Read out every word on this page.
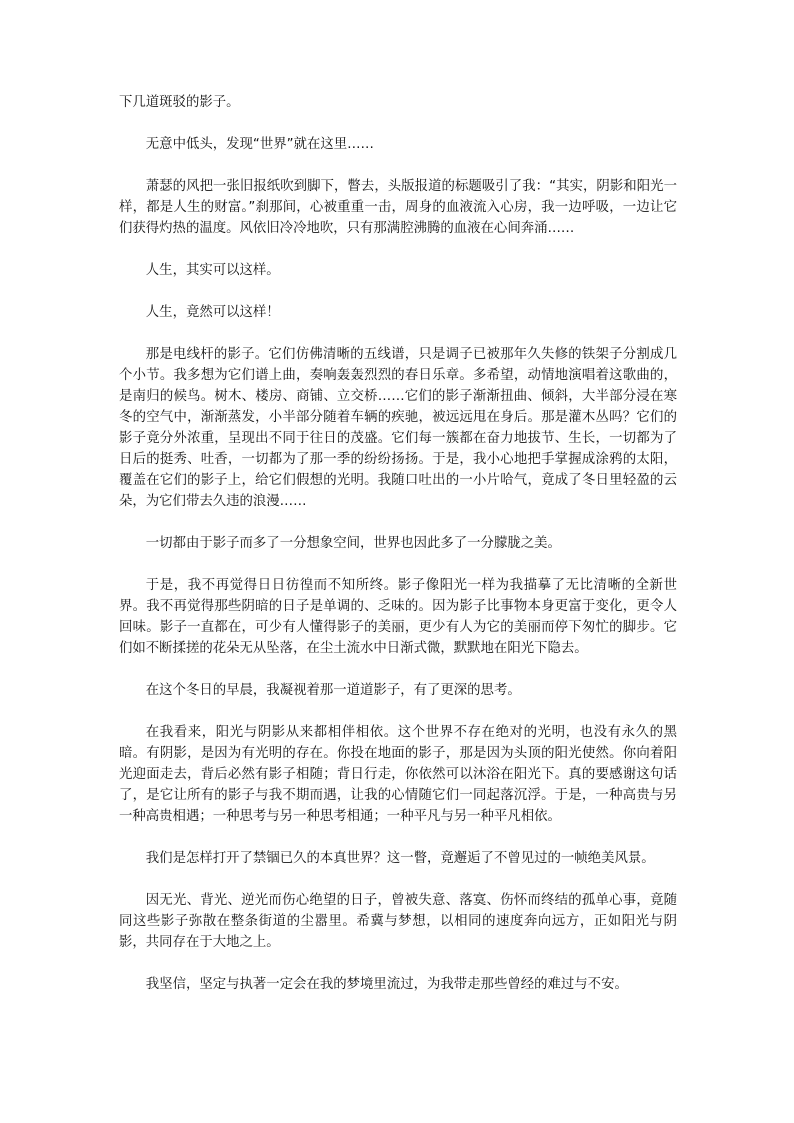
下几道斑驳的影子。

无意中低头，发现“世界”就在这里……

萧瑟的风把一张旧报纸吹到脚下，瞥去，头版报道的标题吸引了我：“其实，阴影和阳光一样，都是人生的财富。”刹那间，心被重重一击，周身的血液流入心房，我一边呼吸，一边让它们获得灼热的温度。风依旧冷冷地吹，只有那满腔沸腾的血液在心间奔涌……

人生，其实可以这样。

人生，竟然可以这样！

那是电线杆的影子。它们仿佛清晰的五线谱，只是调子已被那年久失修的铁架子分割成几个小节。我多想为它们谱上曲，奏响轰轰烈烈的春日乐章。多希望，动情地演唱着这歌曲的，是南归的候鸟。树木、楼房、商铺、立交桥……它们的影子渐渐扭曲、倾斜，大半部分浸在寒冬的空气中，渐渐蒸发，小半部分随着车辆的疾驰，被远远甩在身后。那是灌木丛吗？它们的影子竟分外浓重，呈现出不同于往日的茂盛。它们每一簇都在奋力地拔节、生长，一切都为了日后的挺秀、吐香，一切都为了那一季的纷纷扬扬。于是，我小心地把手掌握成涂鸦的太阳，覆盖在它们的影子上，给它们假想的光明。我随口吐出的一小片哈气，竟成了冬日里轻盈的云朵，为它们带去久违的浪漫……

一切都由于影子而多了一分想象空间，世界也因此多了一分朦胧之美。

于是，我不再觉得日日彷徨而不知所终。影子像阳光一样为我描摹了无比清晰的全新世界。我不再觉得那些阴暗的日子是单调的、乏味的。因为影子比事物本身更富于变化，更令人回味。影子一直都在，可少有人懂得影子的美丽，更少有人为它的美丽而停下匆忙的脚步。它们如不断揉搓的花朵无从坠落，在尘土流水中日渐式微，默默地在阳光下隐去。

在这个冬日的早晨，我凝视着那一道道影子，有了更深的思考。

在我看来，阳光与阴影从来都相伴相依。这个世界不存在绝对的光明，也没有永久的黑暗。有阴影，是因为有光明的存在。你投在地面的影子，那是因为头顶的阳光使然。你向着阳光迎面走去，背后必然有影子相随；背日行走，你依然可以沐浴在阳光下。真的要感谢这句话了，是它让所有的影子与我不期而遇，让我的心情随它们一同起落沉浮。于是，一种高贵与另一种高贵相遇；一种思考与另一种思考相通；一种平凡与另一种平凡相依。

我们是怎样打开了禁锢已久的本真世界？这一瞥，竟邂逅了不曾见过的一帧绝美风景。

因无光、背光、逆光而伤心绝望的日子，曾被失意、落寞、伤怀而终结的孤单心事，竟随同这些影子弥散在整条街道的尘嚣里。希冀与梦想，以相同的速度奔向远方，正如阳光与阴影，共同存在于大地之上。

我坚信，坚定与执著一定会在我的梦境里流过，为我带走那些曾经的难过与不安。
